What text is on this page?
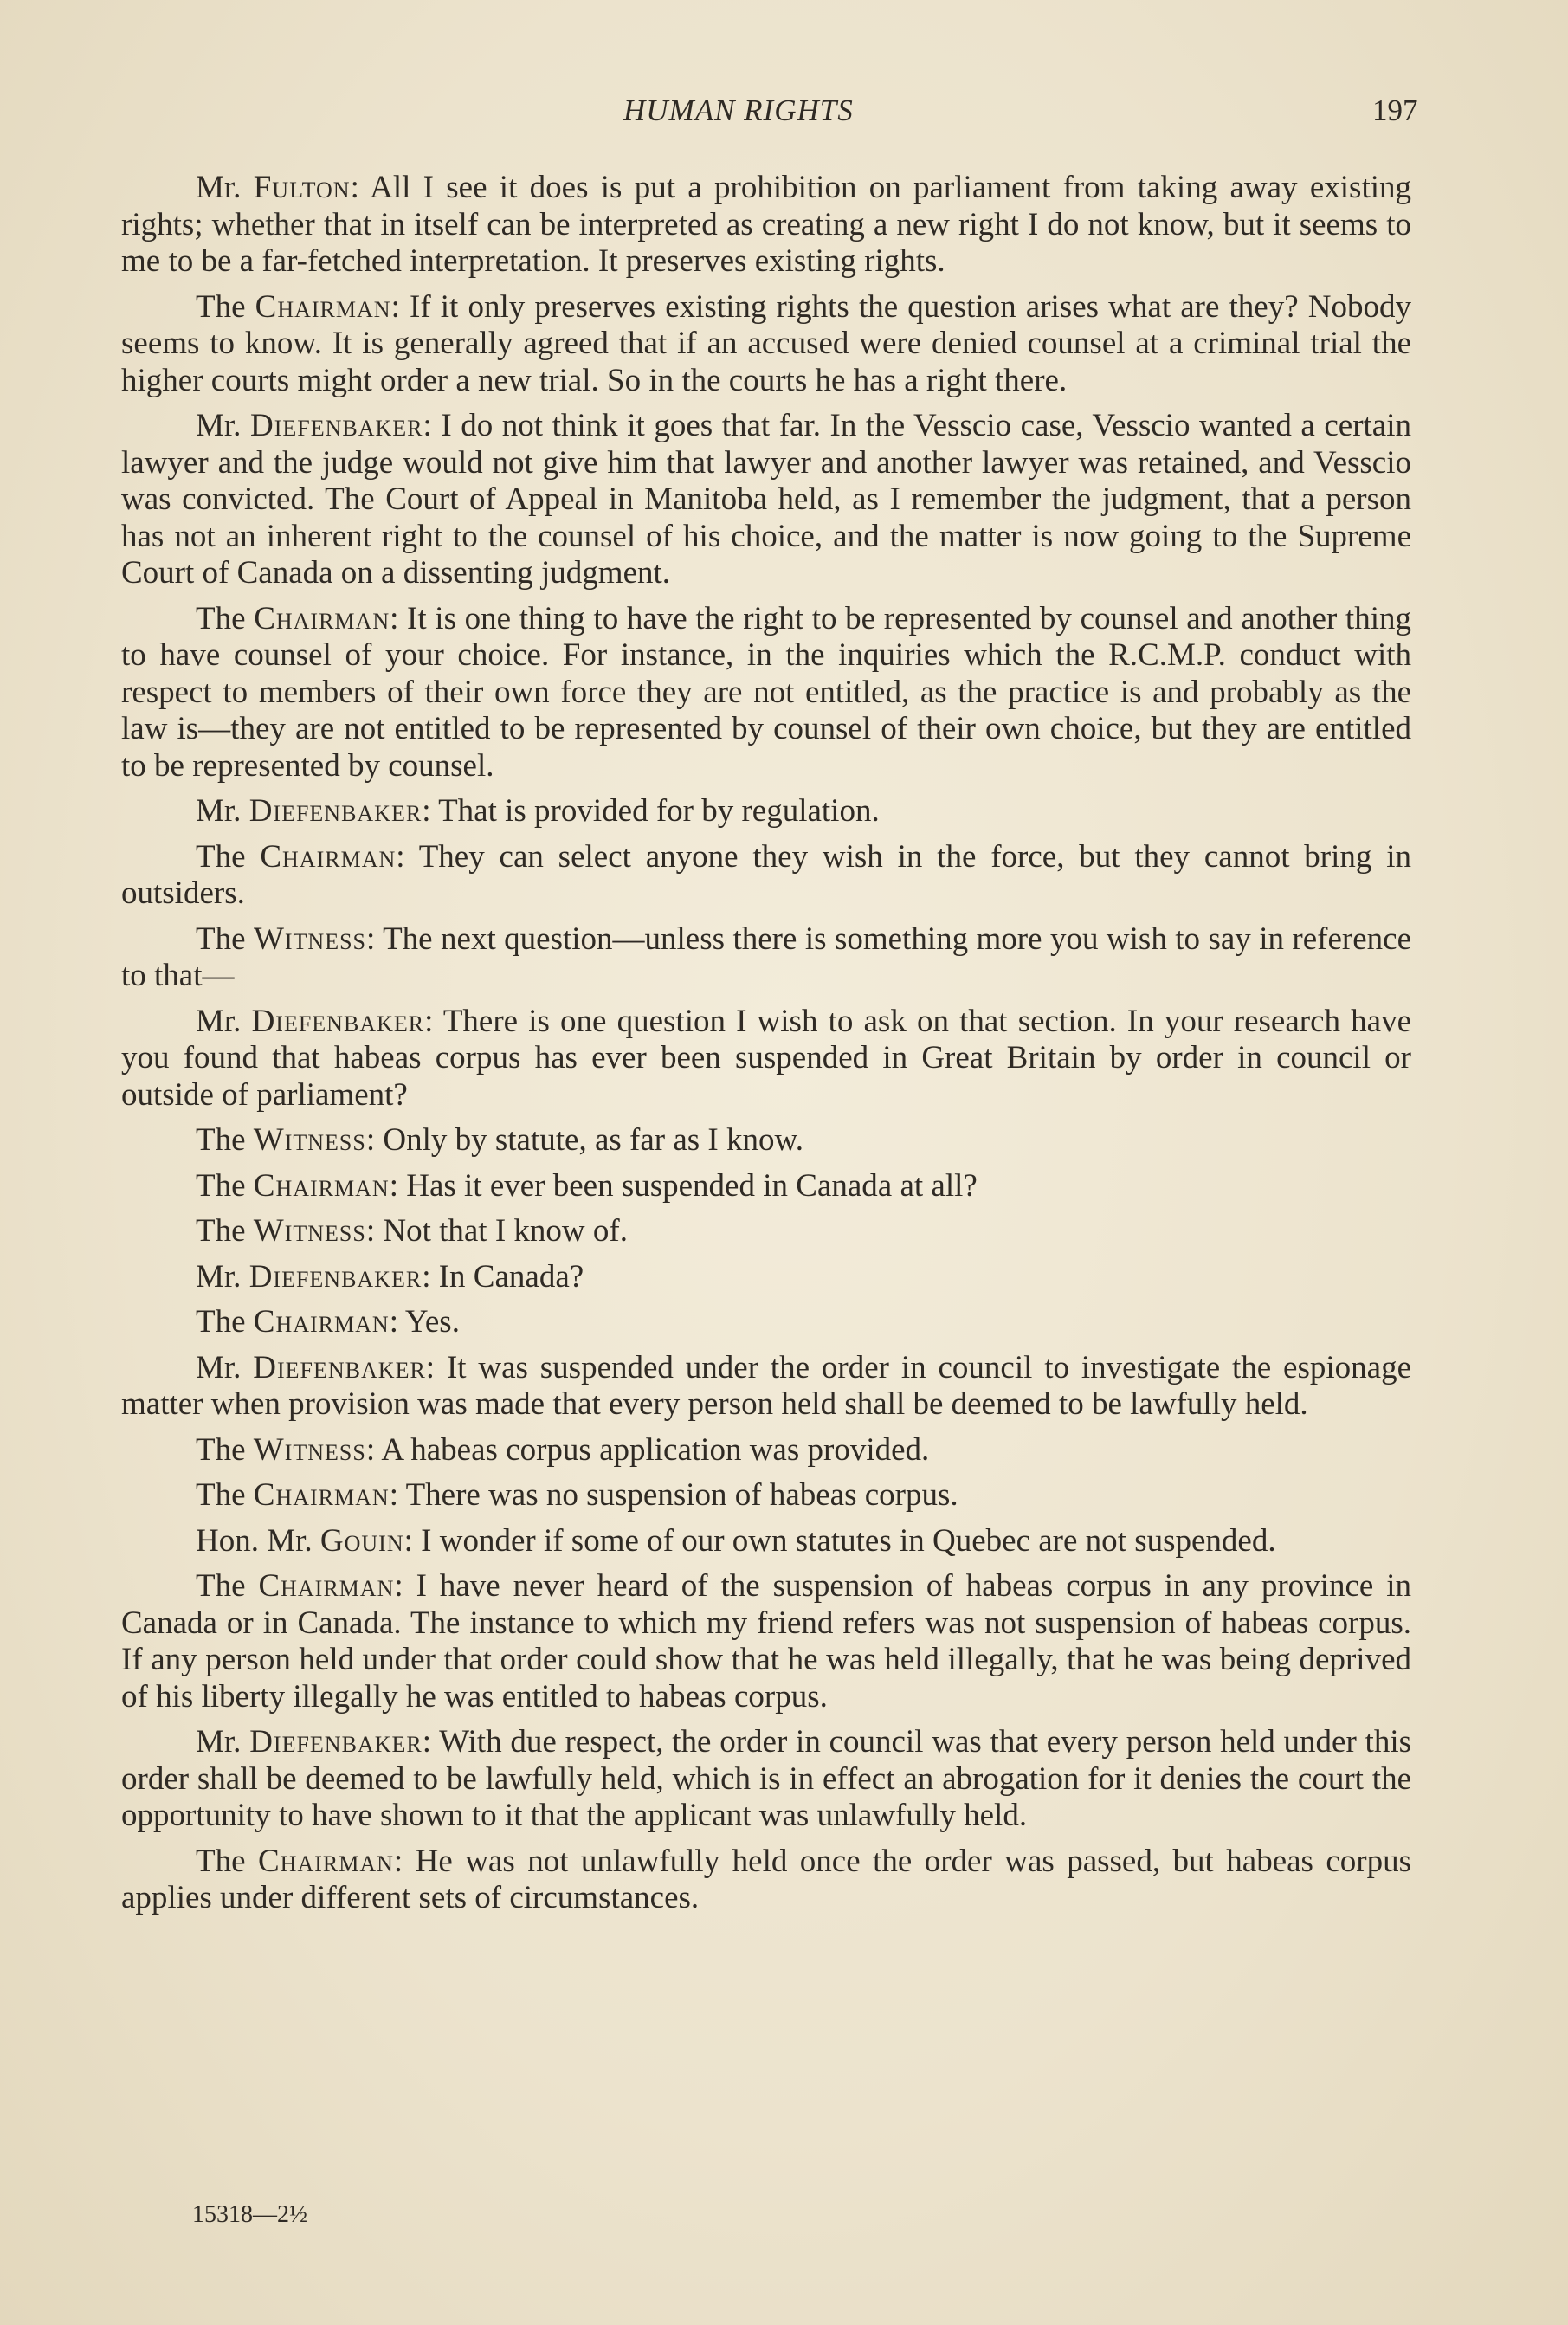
HUMAN RIGHTS	197

Mr. Fulton: All I see it does is put a prohibition on parliament from taking away existing rights; whether that in itself can be interpreted as creating a new right I do not know, but it seems to me to be a far-fetched interpretation. It preserves existing rights.

The Chairman: If it only preserves existing rights the question arises what are they? Nobody seems to know. It is generally agreed that if an accused were denied counsel at a criminal trial the higher courts might order a new trial. So in the courts he has a right there.

Mr. Diefenbaker: I do not think it goes that far. In the Vesscio case, Vesscio wanted a certain lawyer and the judge would not give him that lawyer and another lawyer was retained, and Vesscio was convicted. The Court of Appeal in Manitoba held, as I remember the judgment, that a person has not an inherent right to the counsel of his choice, and the matter is now going to the Supreme Court of Canada on a dissenting judgment.

The Chairman: It is one thing to have the right to be represented by counsel and another thing to have counsel of your choice. For instance, in the inquiries which the R.C.M.P. conduct with respect to members of their own force they are not entitled, as the practice is and probably as the law is—they are not entitled to be represented by counsel of their own choice, but they are entitled to be represented by counsel.

Mr. Diefenbaker: That is provided for by regulation.

The Chairman: They can select anyone they wish in the force, but they cannot bring in outsiders.

The Witness: The next question—unless there is something more you wish to say in reference to that—

Mr. Diefenbaker: There is one question I wish to ask on that section. In your research have you found that habeas corpus has ever been suspended in Great Britain by order in council or outside of parliament?

The Witness: Only by statute, as far as I know.

The Chairman: Has it ever been suspended in Canada at all?

The Witness: Not that I know of.

Mr. Diefenbaker: In Canada?

The Chairman: Yes.

Mr. Diefenbaker: It was suspended under the order in council to investigate the espionage matter when provision was made that every person held shall be deemed to be lawfully held.

The Witness: A habeas corpus application was provided.

The Chairman: There was no suspension of habeas corpus.

Hon. Mr. Gouin: I wonder if some of our own statutes in Quebec are not suspended.

The Chairman: I have never heard of the suspension of habeas corpus in any province in Canada or in Canada. The instance to which my friend refers was not suspension of habeas corpus. If any person held under that order could show that he was held illegally, that he was being deprived of his liberty illegally he was entitled to habeas corpus.

Mr. Diefenbaker: With due respect, the order in council was that every person held under this order shall be deemed to be lawfully held, which is in effect an abrogation for it denies the court the opportunity to have shown to it that the applicant was unlawfully held.

The Chairman: He was not unlawfully held once the order was passed, but habeas corpus applies under different sets of circumstances.

15318—2½
